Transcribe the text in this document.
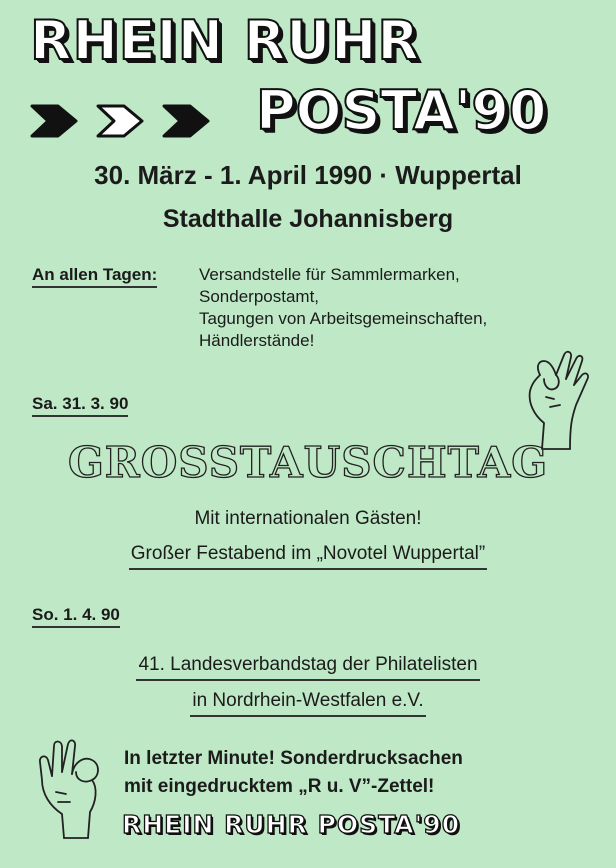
RHEIN RUHR
POSTA'90
30. März - 1. April 1990 · Wuppertal
Stadthalle Johannisberg
An allen Tagen: Versandstelle für Sammlermarken,
Sonderpostamt,
Tagungen von Arbeitsgemeinschaften,
Händlerstände!
Sa. 31. 3. 90
GROSSTAUSCHTAG
Mit internationalen Gästen!
Großer Festabend im „Novotel Wuppertal”
So. 1. 4. 90
41. Landesverbandstag der Philatelisten
in Nordrhein-Westfalen e.V.
In letzter Minute! Sonderdrucksachen
mit eingedrucktem „R u. V”-Zettel!
RHEIN RUHR POSTA'90
